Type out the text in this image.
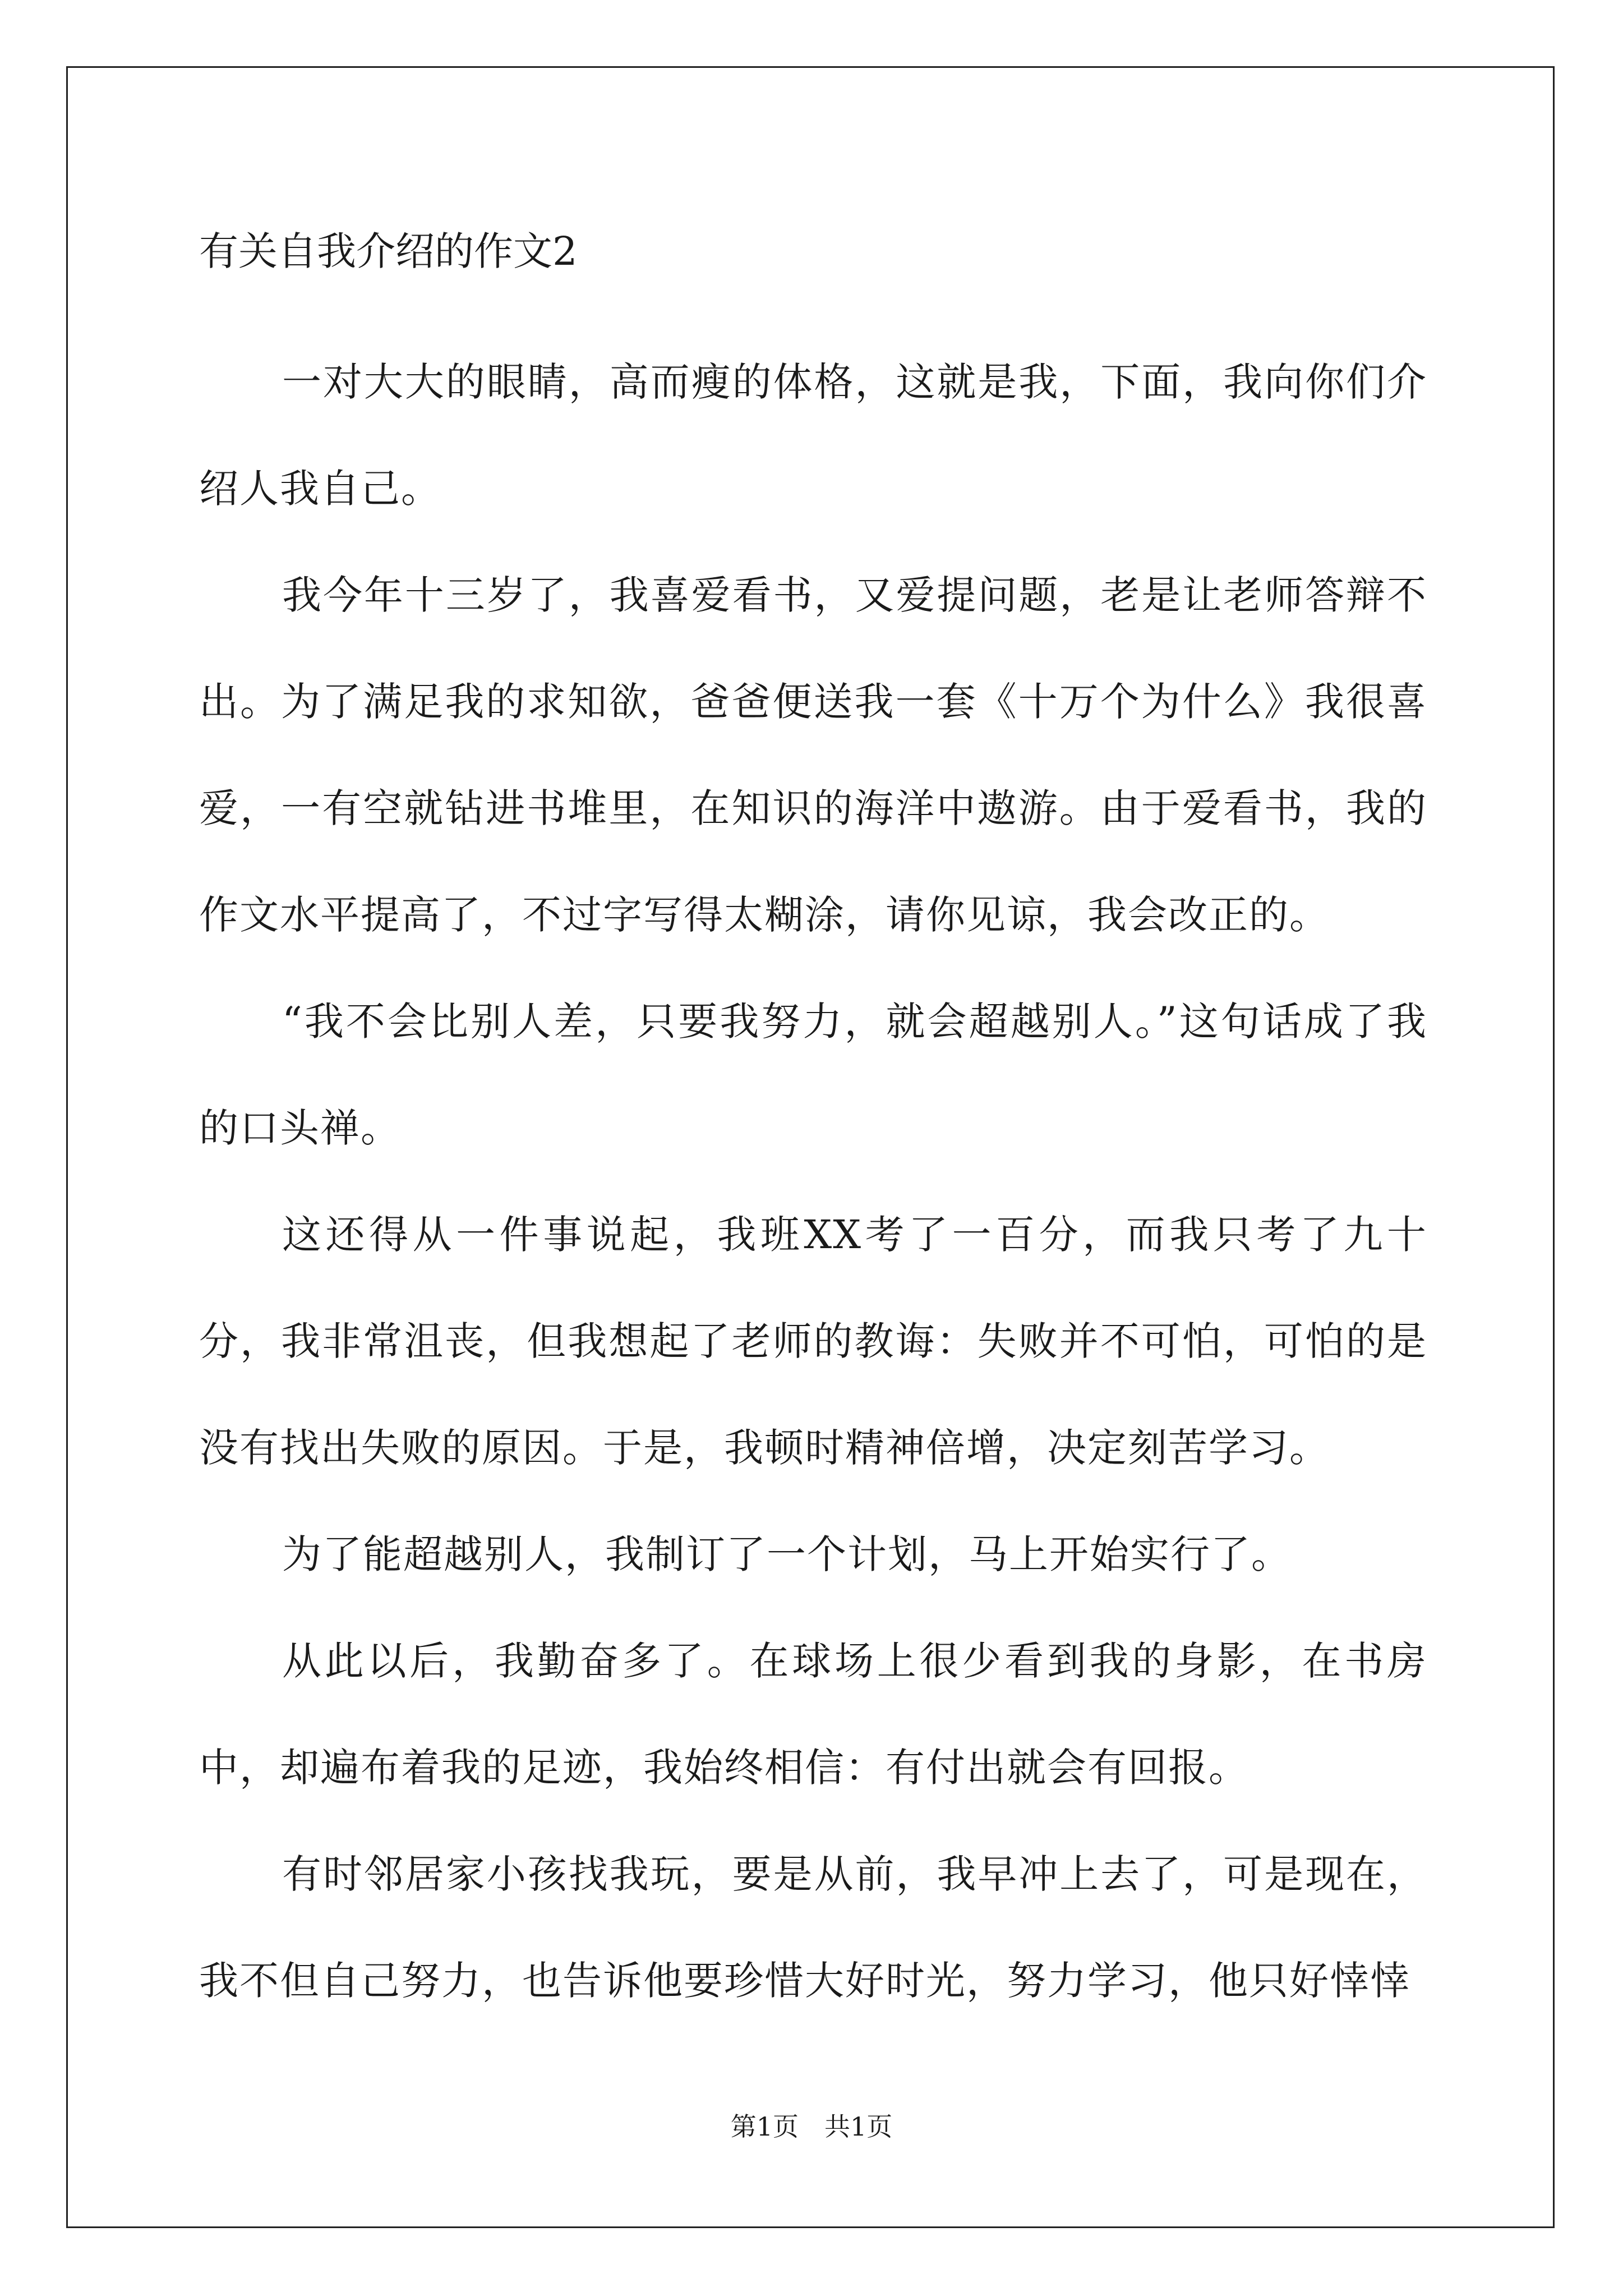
有关自我介绍的作文2

一对大大的眼睛，高而瘦的体格，这就是我，下面，我向你们介绍人我自己。

我今年十三岁了，我喜爱看书，又爱提问题，老是让老师答辩不出。为了满足我的求知欲，爸爸便送我一套《十万个为什么》我很喜爱，一有空就钻进书堆里，在知识的海洋中遨游。由于爱看书，我的作文水平提高了，不过字写得太糊涂，请你见谅，我会改正的。

“我不会比别人差，只要我努力，就会超越别人。”这句话成了我的口头禅。

这还得从一件事说起，我班XX考了一百分，而我只考了九十分，我非常沮丧，但我想起了老师的教诲：失败并不可怕，可怕的是没有找出失败的原因。于是，我顿时精神倍增，决定刻苦学习。

为了能超越别人，我制订了一个计划，马上开始实行了。

从此以后，我勤奋多了。在球场上很少看到我的身影，在书房中，却遍布着我的足迹，我始终相信：有付出就会有回报。

有时邻居家小孩找我玩，要是从前，我早冲上去了，可是现在，我不但自己努力，也告诉他要珍惜大好时光，努力学习，他只好悻悻

第1页　共1页
